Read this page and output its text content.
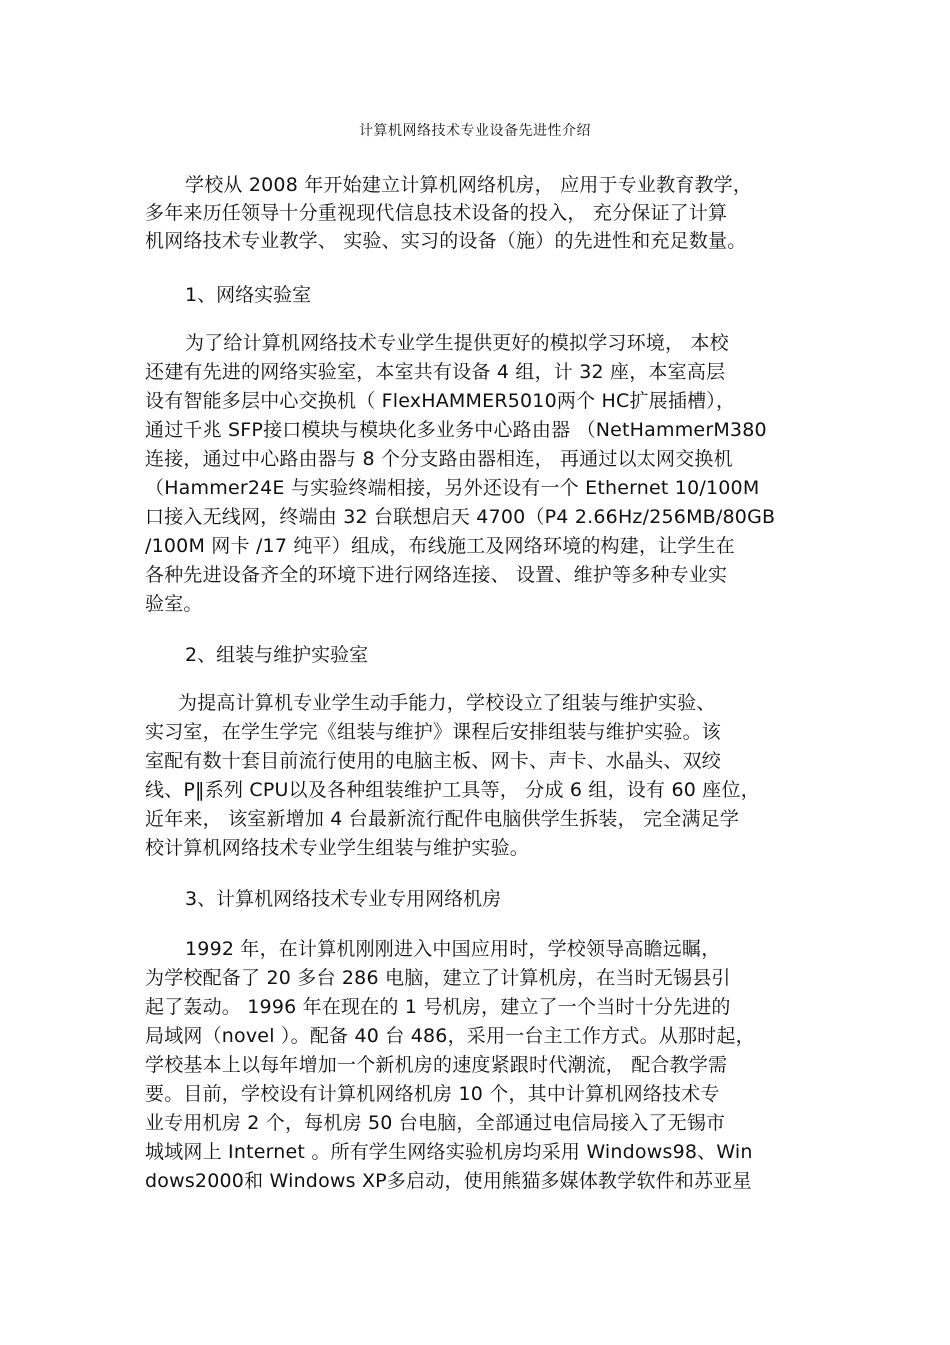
计算机网络技术专业设备先进性介绍
学校从 2008 年开始建立计算机网络机房， 应用于专业教育教学，
多年来历任领导十分重视现代信息技术设备的投入， 充分保证了计算
机网络技术专业教学、 实验、实习的设备（施）的先进性和充足数量。
1、网络实验室
为了给计算机网络技术专业学生提供更好的模拟学习环境， 本校
还建有先进的网络实验室，本室共有设备 4 组，计 32 座，本室高层
设有智能多层中心交换机（ FlexHAMMER5010两个 HC扩展插槽），
通过千兆 SFP接口模块与模块化多业务中心路由器 （NetHammerM380
连接，通过中心路由器与 8 个分支路由器相连， 再通过以太网交换机
（Hammer24E 与实验终端相接，另外还设有一个 Ethernet 10/100M
口接入无线网，终端由 32 台联想启天 4700（P4 2.66Hz/256MB/80GB
/100M 网卡 /17 纯平）组成，布线施工及网络环境的构建，让学生在
各种先进设备齐全的环境下进行网络连接、 设置、维护等多种专业实
验室。
2、组装与维护实验室
为提高计算机专业学生动手能力，学校设立了组装与维护实验、
实习室，在学生学完《组装与维护》课程后安排组装与维护实验。该
室配有数十套目前流行使用的电脑主板、网卡、声卡、水晶头、双绞
线、P‖系列 CPU以及各种组装维护工具等， 分成 6 组，设有 60 座位，
近年来， 该室新增加 4 台最新流行配件电脑供学生拆装， 完全满足学
校计算机网络技术专业学生组装与维护实验。
3、计算机网络技术专业专用网络机房
1992 年，在计算机刚刚进入中国应用时，学校领导高瞻远瞩，
为学校配备了 20 多台 286 电脑，建立了计算机房，在当时无锡县引
起了轰动。 1996 年在现在的 1 号机房，建立了一个当时十分先进的
局域网（novel ）。配备 40 台 486，采用一台主工作方式。从那时起，
学校基本上以每年增加一个新机房的速度紧跟时代潮流， 配合教学需
要。目前，学校设有计算机网络机房 10 个，其中计算机网络技术专
业专用机房 2 个，每机房 50 台电脑，全部通过电信局接入了无锡市
城域网上 Internet 。所有学生网络实验机房均采用 Windows98、Win
dows2000和 Windows XP多启动，使用熊猫多媒体教学软件和苏亚星
